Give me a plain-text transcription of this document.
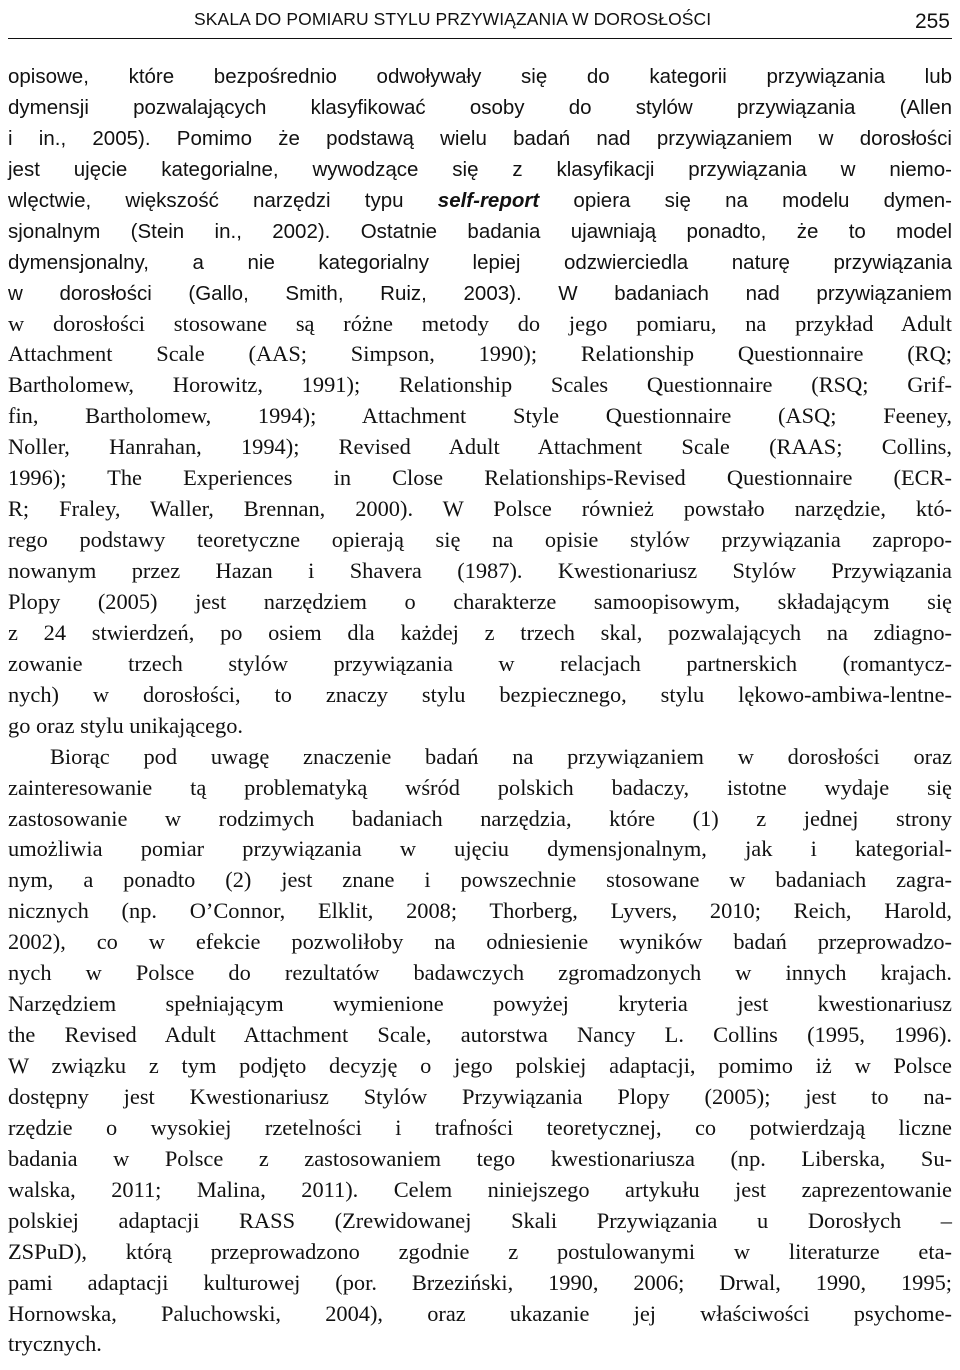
SKALA DO POMIARU STYLU PRZYWIĄZANIA W DOROSŁOŚCI	255
opisowe, które bezpośrednio odwoływały się do kategorii przywiązania lub
dymensji pozwalających klasyfikować osoby do stylów przywiązania (Allen
i in., 2005). Pomimo że podstawą wielu badań nad przywiązaniem w dorosłości
jest ujęcie kategorialne, wywodzące się z klasyfikacji przywiązania w niemo-
wlęctwie, większość narzędzi typu self-report opiera się na modelu dymen-
sjonalnym (Stein in., 2002). Ostatnie badania ujawniają ponadto, że to model
dymensjonalny, a nie kategorialny lepiej odzwierciedla naturę przywiązania
w dorosłości (Gallo, Smith, Ruiz, 2003). W badaniach nad przywiązaniem
w dorosłości stosowane są różne metody do jego pomiaru, na przykład Adult
Attachment Scale (AAS; Simpson, 1990); Relationship Questionnaire (RQ;
Bartholomew, Horowitz, 1991); Relationship Scales Questionnaire (RSQ; Grif-
fin, Bartholomew, 1994); Attachment Style Questionnaire (ASQ; Feeney,
Noller, Hanrahan, 1994); Revised Adult Attachment Scale (RAAS; Collins,
1996); The Experiences in Close Relationships-Revised Questionnaire (ECR-
R; Fraley, Waller, Brennan, 2000). W Polsce również powstało narzędzie, któ-
rego podstawy teoretyczne opierają się na opisie stylów przywiązania zapropo-
nowanym przez Hazan i Shavera (1987). Kwestionariusz Stylów Przywiązania
Plopy (2005) jest narzędziem o charakterze samoopisowym, składającym się
z 24 stwierdzeń, po osiem dla każdej z trzech skal, pozwalających na zdiagno-
zowanie trzech stylów przywiązania w relacjach partnerskich (romantycz-
nych) w dorosłości, to znaczy stylu bezpiecznego, stylu lękowo-ambiwa-lentne-
go oraz stylu unikającego.
Biorąc pod uwagę znaczenie badań na przywiązaniem w dorosłości oraz
zainteresowanie tą problematyką wśród polskich badaczy, istotne wydaje się
zastosowanie w rodzimych badaniach narzędzia, które (1) z jednej strony
umożliwia pomiar przywiązania w ujęciu dymensjonalnym, jak i kategorial-
nym, a ponadto (2) jest znane i powszechnie stosowane w badaniach zagra-
nicznych (np. O’Connor, Elklit, 2008; Thorberg, Lyvers, 2010; Reich, Harold,
2002), co w efekcie pozwoliłoby na odniesienie wyników badań przeprowadzo-
nych w Polsce do rezultatów badawczych zgromadzonych w innych krajach.
Narzędziem spełniającym wymienione powyżej kryteria jest kwestionariusz
the Revised Adult Attachment Scale, autorstwa Nancy L. Collins (1995, 1996).
W związku z tym podjęto decyzję o jego polskiej adaptacji, pomimo iż w Polsce
dostępny jest Kwestionariusz Stylów Przywiązania Plopy (2005); jest to na-
rzędzie o wysokiej rzetelności i trafności teoretycznej, co potwierdzają liczne
badania w Polsce z zastosowaniem tego kwestionariusza (np. Liberska, Su-
walska, 2011; Malina, 2011). Celem niniejszego artykułu jest zaprezentowanie
polskiej adaptacji RASS (Zrewidowanej Skali Przywiązania u Dorosłych –
ZSPuD), którą przeprowadzono zgodnie z postulowanymi w literaturze eta-
pami adaptacji kulturowej (por. Brzeziński, 1990, 2006; Drwal, 1990, 1995;
Hornowska, Paluchowski, 2004), oraz ukazanie jej właściwości psychome-
trycznych.
